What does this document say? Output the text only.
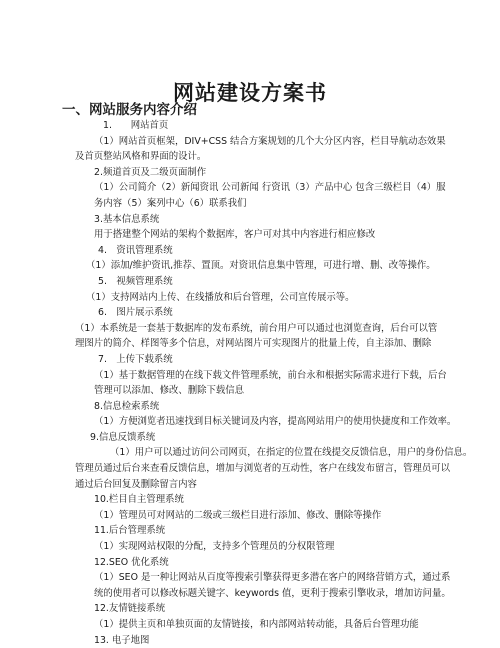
网站建设方案书
一、网站服务内容介绍
1.　　网站首页
（1）网站首页框架，DIV+CSS 结合方案规划的几个大分区内容，栏目导航动态效果
及首页整站风格和界面的设计。
2.频道首页及二级页面制作
（1）公司简介（2）新闻资讯 公司新闻 行资讯（3）产品中心 包含三级栏目（4）服
务内容（5）案列中心（6）联系我们
3.基本信息系统
用于搭建整个网站的架构个数据库，客户可对其中内容进行相应修改
4.　资讯管理系统
（1）添加/维护资讯,推荐、置顶。对资讯信息集中管理，可进行增、删、改等操作。
5.　视频管理系统
（1）支持网站内上传、在线播放和后台管理，公司宣传展示等。
6.　图片展示系统
（1）本系统是一套基于数据库的发布系统，前台用户可以通过也浏览查询，后台可以管
理图片的简介、样图等多个信息，对网站图片可实现图片的批量上传，自主添加、删除
7.　上传下载系统
（1）基于数据管理的在线下载文件管理系统，前台永和根据实际需求进行下载，后台
管理可以添加、修改、删除下载信息
8.信息检索系统
（1）方便浏览者迅速找到目标关键词及内容，提高网站用户的使用快捷度和工作效率。
9.信息反馈系统
（1）用户可以通过访问公司网页，在指定的位置在线提交反馈信息，用户的身份信息。
管理员通过后台来查看反馈信息，增加与浏览者的互动性，客户在线发布留言，管理员可以
通过后台回复及删除留言内容
10.栏目自主管理系统
（1）管理员可对网站的二级或三级栏目进行添加、修改、删除等操作
11.后台管理系统
（1）实现网站权限的分配，支持多个管理员的分权限管理
12.SEO 优化系统
（1）SEO 是一种让网站从百度等搜索引擎获得更多潜在客户的网络营销方式，通过系
统的使用者可以修改标题关键字、keywords 值，更利于搜索引擎收录，增加访问量。
12.友情链接系统
（1）提供主页和单独页面的友情链接，和内部网站转动能，具备后台管理功能
13. 电子地图
